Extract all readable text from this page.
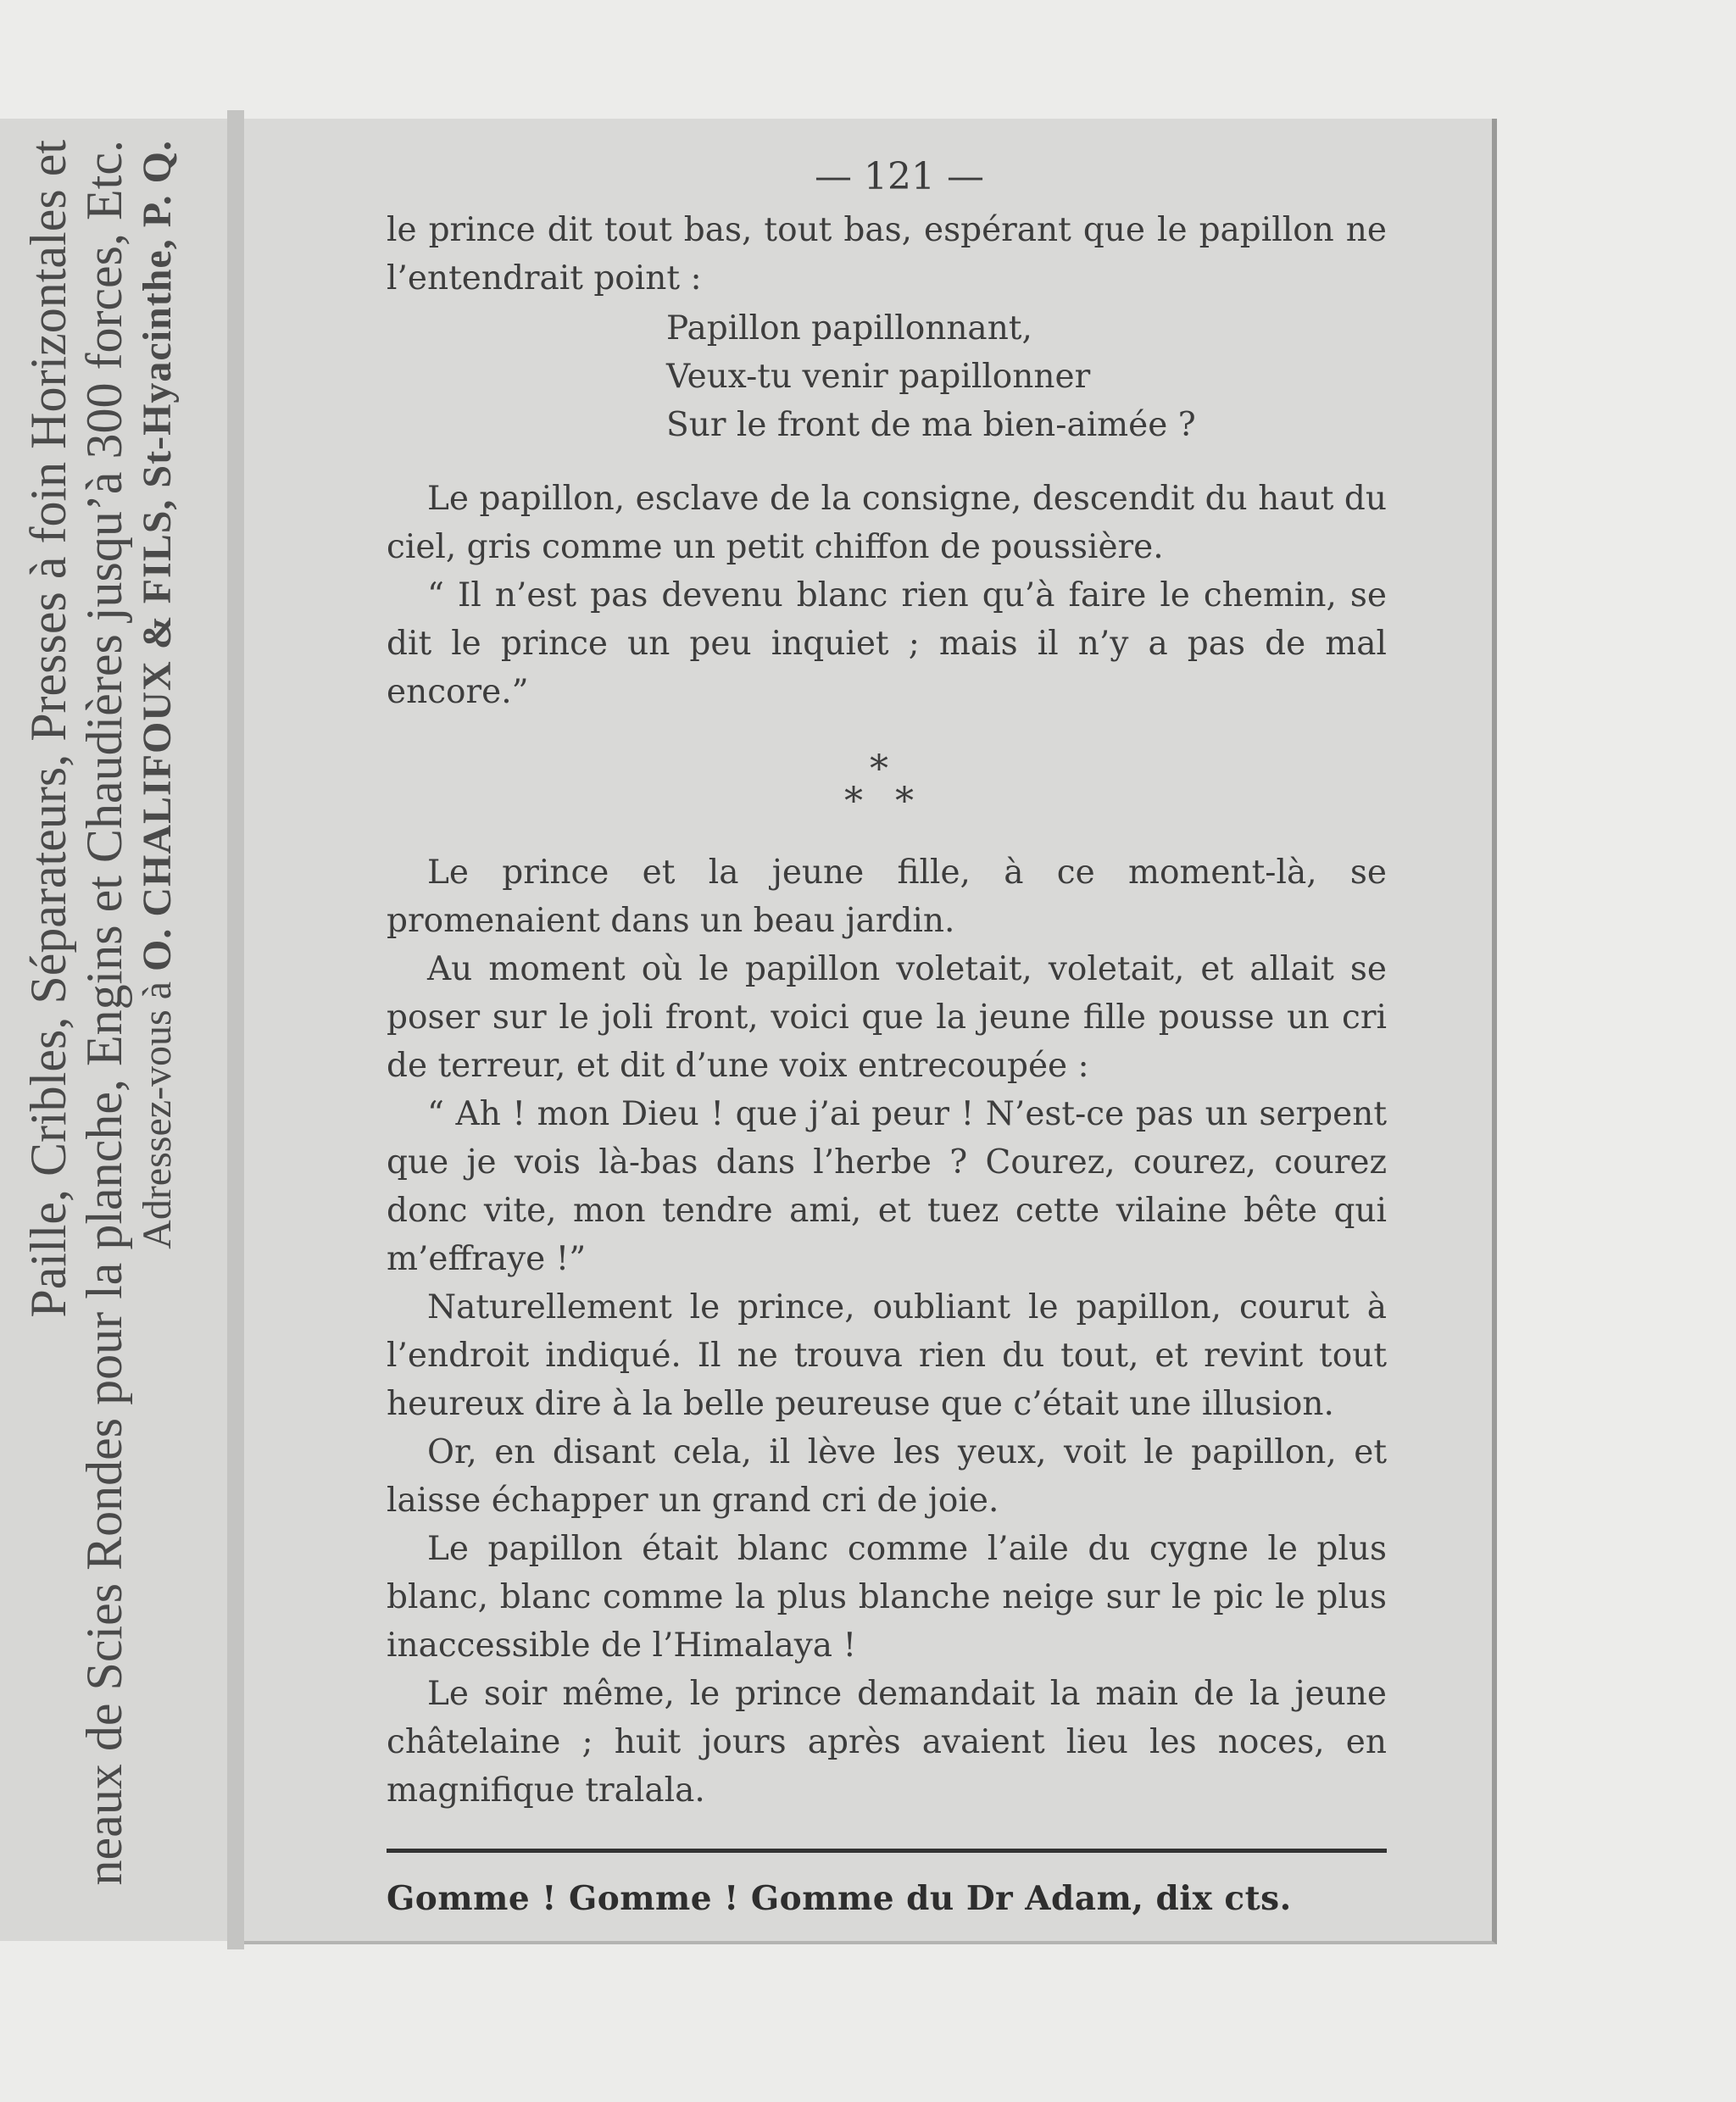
Paille, Cribles, Séparateurs, Presses à foin Horizontales et neaux de Scies Rondes pour la planche, Engins et Chaudières jusqu’à 300 forces, Etc. Adressez-vous à O. CHALIFOUX & FILS, St-Hyacinthe, P. Q.	— 121 —

le prince dit tout bas, tout bas, espérant que le papillon ne l’entendrait point :

Papillon papillonnant,
Veux-tu venir papillonner
Sur le front de ma bien-aimée ?

Le papillon, esclave de la consigne, descendit du haut du ciel, gris comme un petit chiffon de poussière.

“ Il n’est pas devenu blanc rien qu’à faire le chemin, se dit le prince un peu inquiet ; mais il n’y a pas de mal encore.”

*
* *

Le prince et la jeune fille, à ce moment-là, se promenaient dans un beau jardin.

Au moment où le papillon voletait, voletait, et allait se poser sur le joli front, voici que la jeune fille pousse un cri de terreur, et dit d’une voix entrecoupée :

“ Ah ! mon Dieu ! que j’ai peur ! N’est-ce pas un serpent que je vois là-bas dans l’herbe ? Courez, courez, courez donc vite, mon tendre ami, et tuez cette vilaine bête qui m’effraye !”

Naturellement le prince, oubliant le papillon, courut à l’endroit indiqué. Il ne trouva rien du tout, et revint tout heureux dire à la belle peureuse que c’était une illusion.

Or, en disant cela, il lève les yeux, voit le papillon, et laisse échapper un grand cri de joie.

Le papillon était blanc comme l’aile du cygne le plus blanc, blanc comme la plus blanche neige sur le pic le plus inaccessible de l’Himalaya !

Le soir même, le prince demandait la main de la jeune châtelaine ; huit jours après avaient lieu les noces, en magnifique tralala.

Gomme ! Gomme ! Gomme du Dr Adam, dix cts.
